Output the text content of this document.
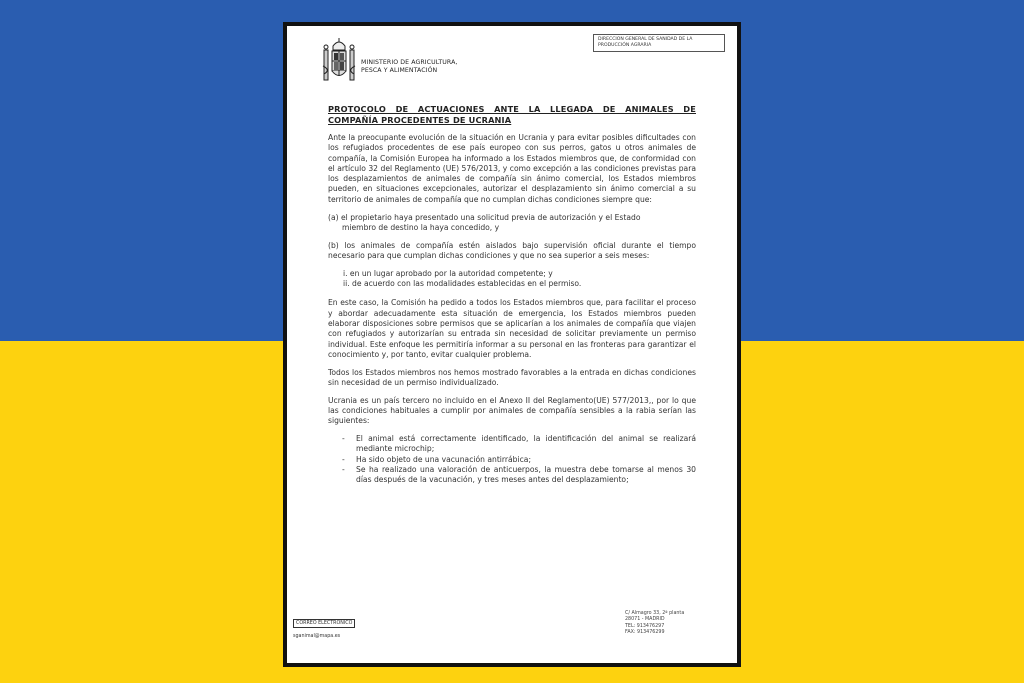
MINISTERIO DE AGRICULTURA,
PESCA Y ALIMENTACIÓN
DIRECCION GENERAL DE SANIDAD DE LA
PRODUCCIÓN AGRARIA
PROTOCOLO DE ACTUACIONES ANTE LA LLEGADA DE ANIMALES DE COMPAÑÍA PROCEDENTES DE UCRANIA

Ante la preocupante evolución de la situación en Ucrania y para evitar posibles dificultades con los refugiados procedentes de ese país europeo con sus perros, gatos u otros animales de compañía, la Comisión Europea ha informado a los Estados miembros que, de conformidad con el artículo 32 del Reglamento (UE) 576/2013, y como excepción a las condiciones previstas para los desplazamientos de animales de compañía sin ánimo comercial, los Estados miembros pueden, en situaciones excepcionales, autorizar el desplazamiento sin ánimo comercial a su territorio de animales de compañía que no cumplan dichas condiciones siempre que:

(a) el propietario haya presentado una solicitud previa de autorización y el Estado
miembro de destino la haya concedido, y

(b) los animales de compañía estén aislados bajo supervisión oficial durante el tiempo necesario para que cumplan dichas condiciones y que no sea superior a seis meses:

i. en un lugar aprobado por la autoridad competente; y
ii. de acuerdo con las modalidades establecidas en el permiso.

En este caso, la Comisión ha pedido a todos los Estados miembros que, para facilitar el proceso y abordar adecuadamente esta situación de emergencia, los Estados miembros pueden elaborar disposiciones sobre permisos que se aplicarían a los animales de compañía que viajen con refugiados y autorizarían su entrada sin necesidad de solicitar previamente un permiso individual. Este enfoque les permitiría informar a su personal en las fronteras para garantizar el conocimiento y, por tanto, evitar cualquier problema.

Todos los Estados miembros nos hemos mostrado favorables a la entrada en dichas condiciones sin necesidad de un permiso individualizado.

Ucrania es un país tercero no incluido en el Anexo II del Reglamento(UE) 577/2013,, por lo que las condiciones habituales a cumplir por animales de compañía sensibles a la rabia serían las siguientes:

- El animal está correctamente identificado, la identificación del animal se realizará mediante microchip;
- Ha sido objeto de una vacunación antirrábica;
- Se ha realizado una valoración de anticuerpos, la muestra debe tomarse al menos 30 días después de la vacunación, y tres meses antes del desplazamiento;
CORREO ELECTRÓNICO
sganimal@mapa.es
C/ Almagro 33, 2ª planta
28071 - MADRID
TEL: 913476297
FAX: 913476299
